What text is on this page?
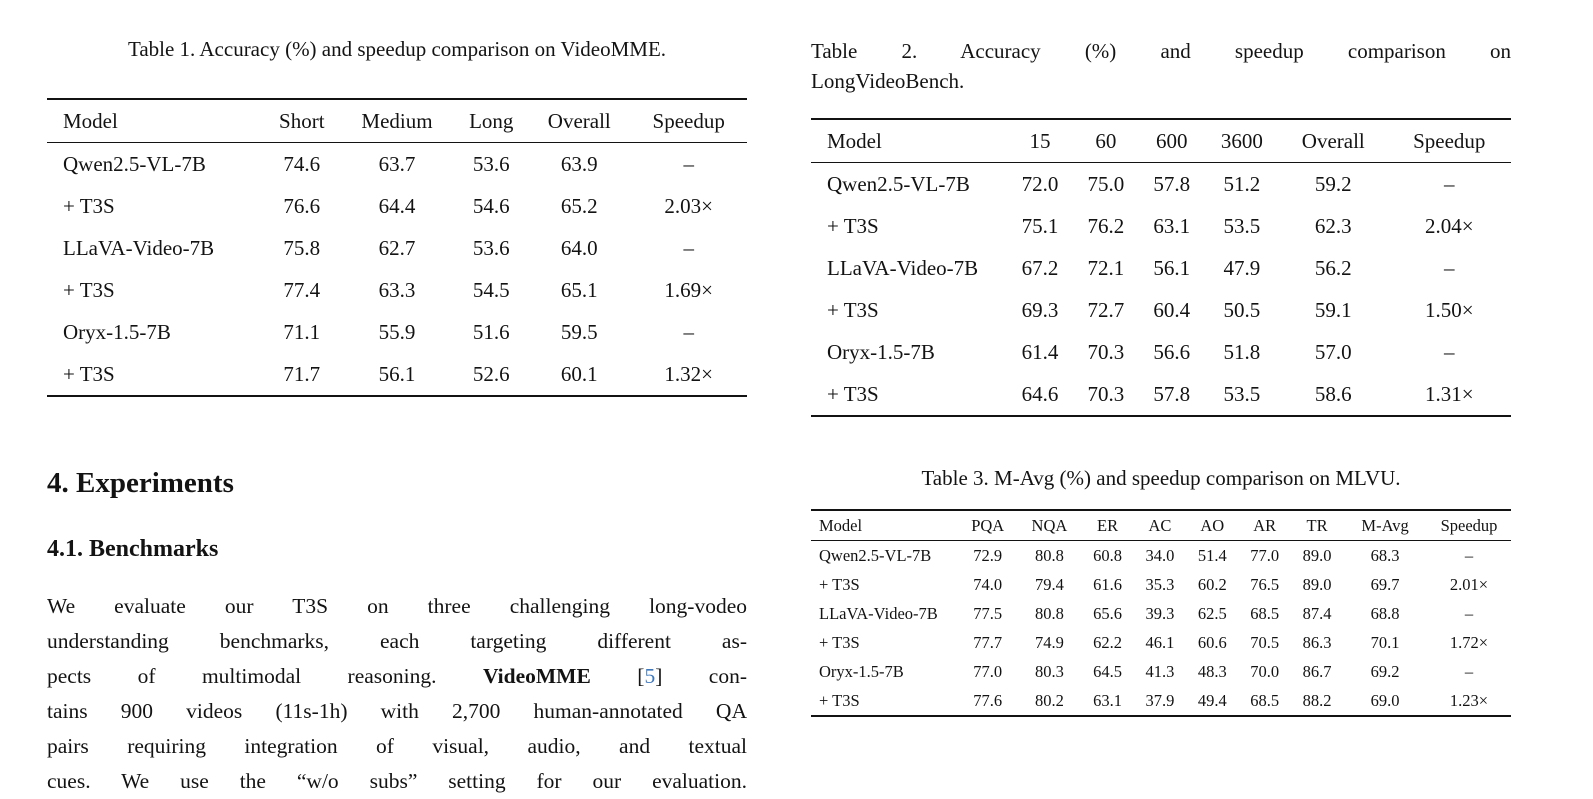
Table 1. Accuracy (%) and speedup comparison on VideoMME.
Model	Short	Medium	Long	Overall	Speedup
Qwen2.5-VL-7B	74.6	63.7	53.6	63.9	–
+ T3S	76.6	64.4	54.6	65.2	2.03×
LLaVA-Video-7B	75.8	62.7	53.6	64.0	–
+ T3S	77.4	63.3	54.5	65.1	1.69×
Oryx-1.5-7B	71.1	55.9	51.6	59.5	–
+ T3S	71.7	56.1	52.6	60.1	1.32×
4. Experiments
4.1. Benchmarks
We evaluate our T3S on three challenging long-vodeo
understanding benchmarks, each targeting different as-
pects of multimodal reasoning. VideoMME [5] con-
tains 900 videos (11s-1h) with 2,700 human-annotated QA
pairs requiring integration of visual, audio, and textual
cues. We use the “w/o subs” setting for our evaluation.
Table 2. Accuracy (%) and speedup comparison on
LongVideoBench.
Model	15	60	600	3600	Overall	Speedup
Qwen2.5-VL-7B	72.0	75.0	57.8	51.2	59.2	–
+ T3S	75.1	76.2	63.1	53.5	62.3	2.04×
LLaVA-Video-7B	67.2	72.1	56.1	47.9	56.2	–
+ T3S	69.3	72.7	60.4	50.5	59.1	1.50×
Oryx-1.5-7B	61.4	70.3	56.6	51.8	57.0	–
+ T3S	64.6	70.3	57.8	53.5	58.6	1.31×
Table 3. M-Avg (%) and speedup comparison on MLVU.
Model	PQA	NQA	ER	AC	AO	AR	TR	M-Avg	Speedup
Qwen2.5-VL-7B	72.9	80.8	60.8	34.0	51.4	77.0	89.0	68.3	–
+ T3S	74.0	79.4	61.6	35.3	60.2	76.5	89.0	69.7	2.01×
LLaVA-Video-7B	77.5	80.8	65.6	39.3	62.5	68.5	87.4	68.8	–
+ T3S	77.7	74.9	62.2	46.1	60.6	70.5	86.3	70.1	1.72×
Oryx-1.5-7B	77.0	80.3	64.5	41.3	48.3	70.0	86.7	69.2	–
+ T3S	77.6	80.2	63.1	37.9	49.4	68.5	88.2	69.0	1.23×
